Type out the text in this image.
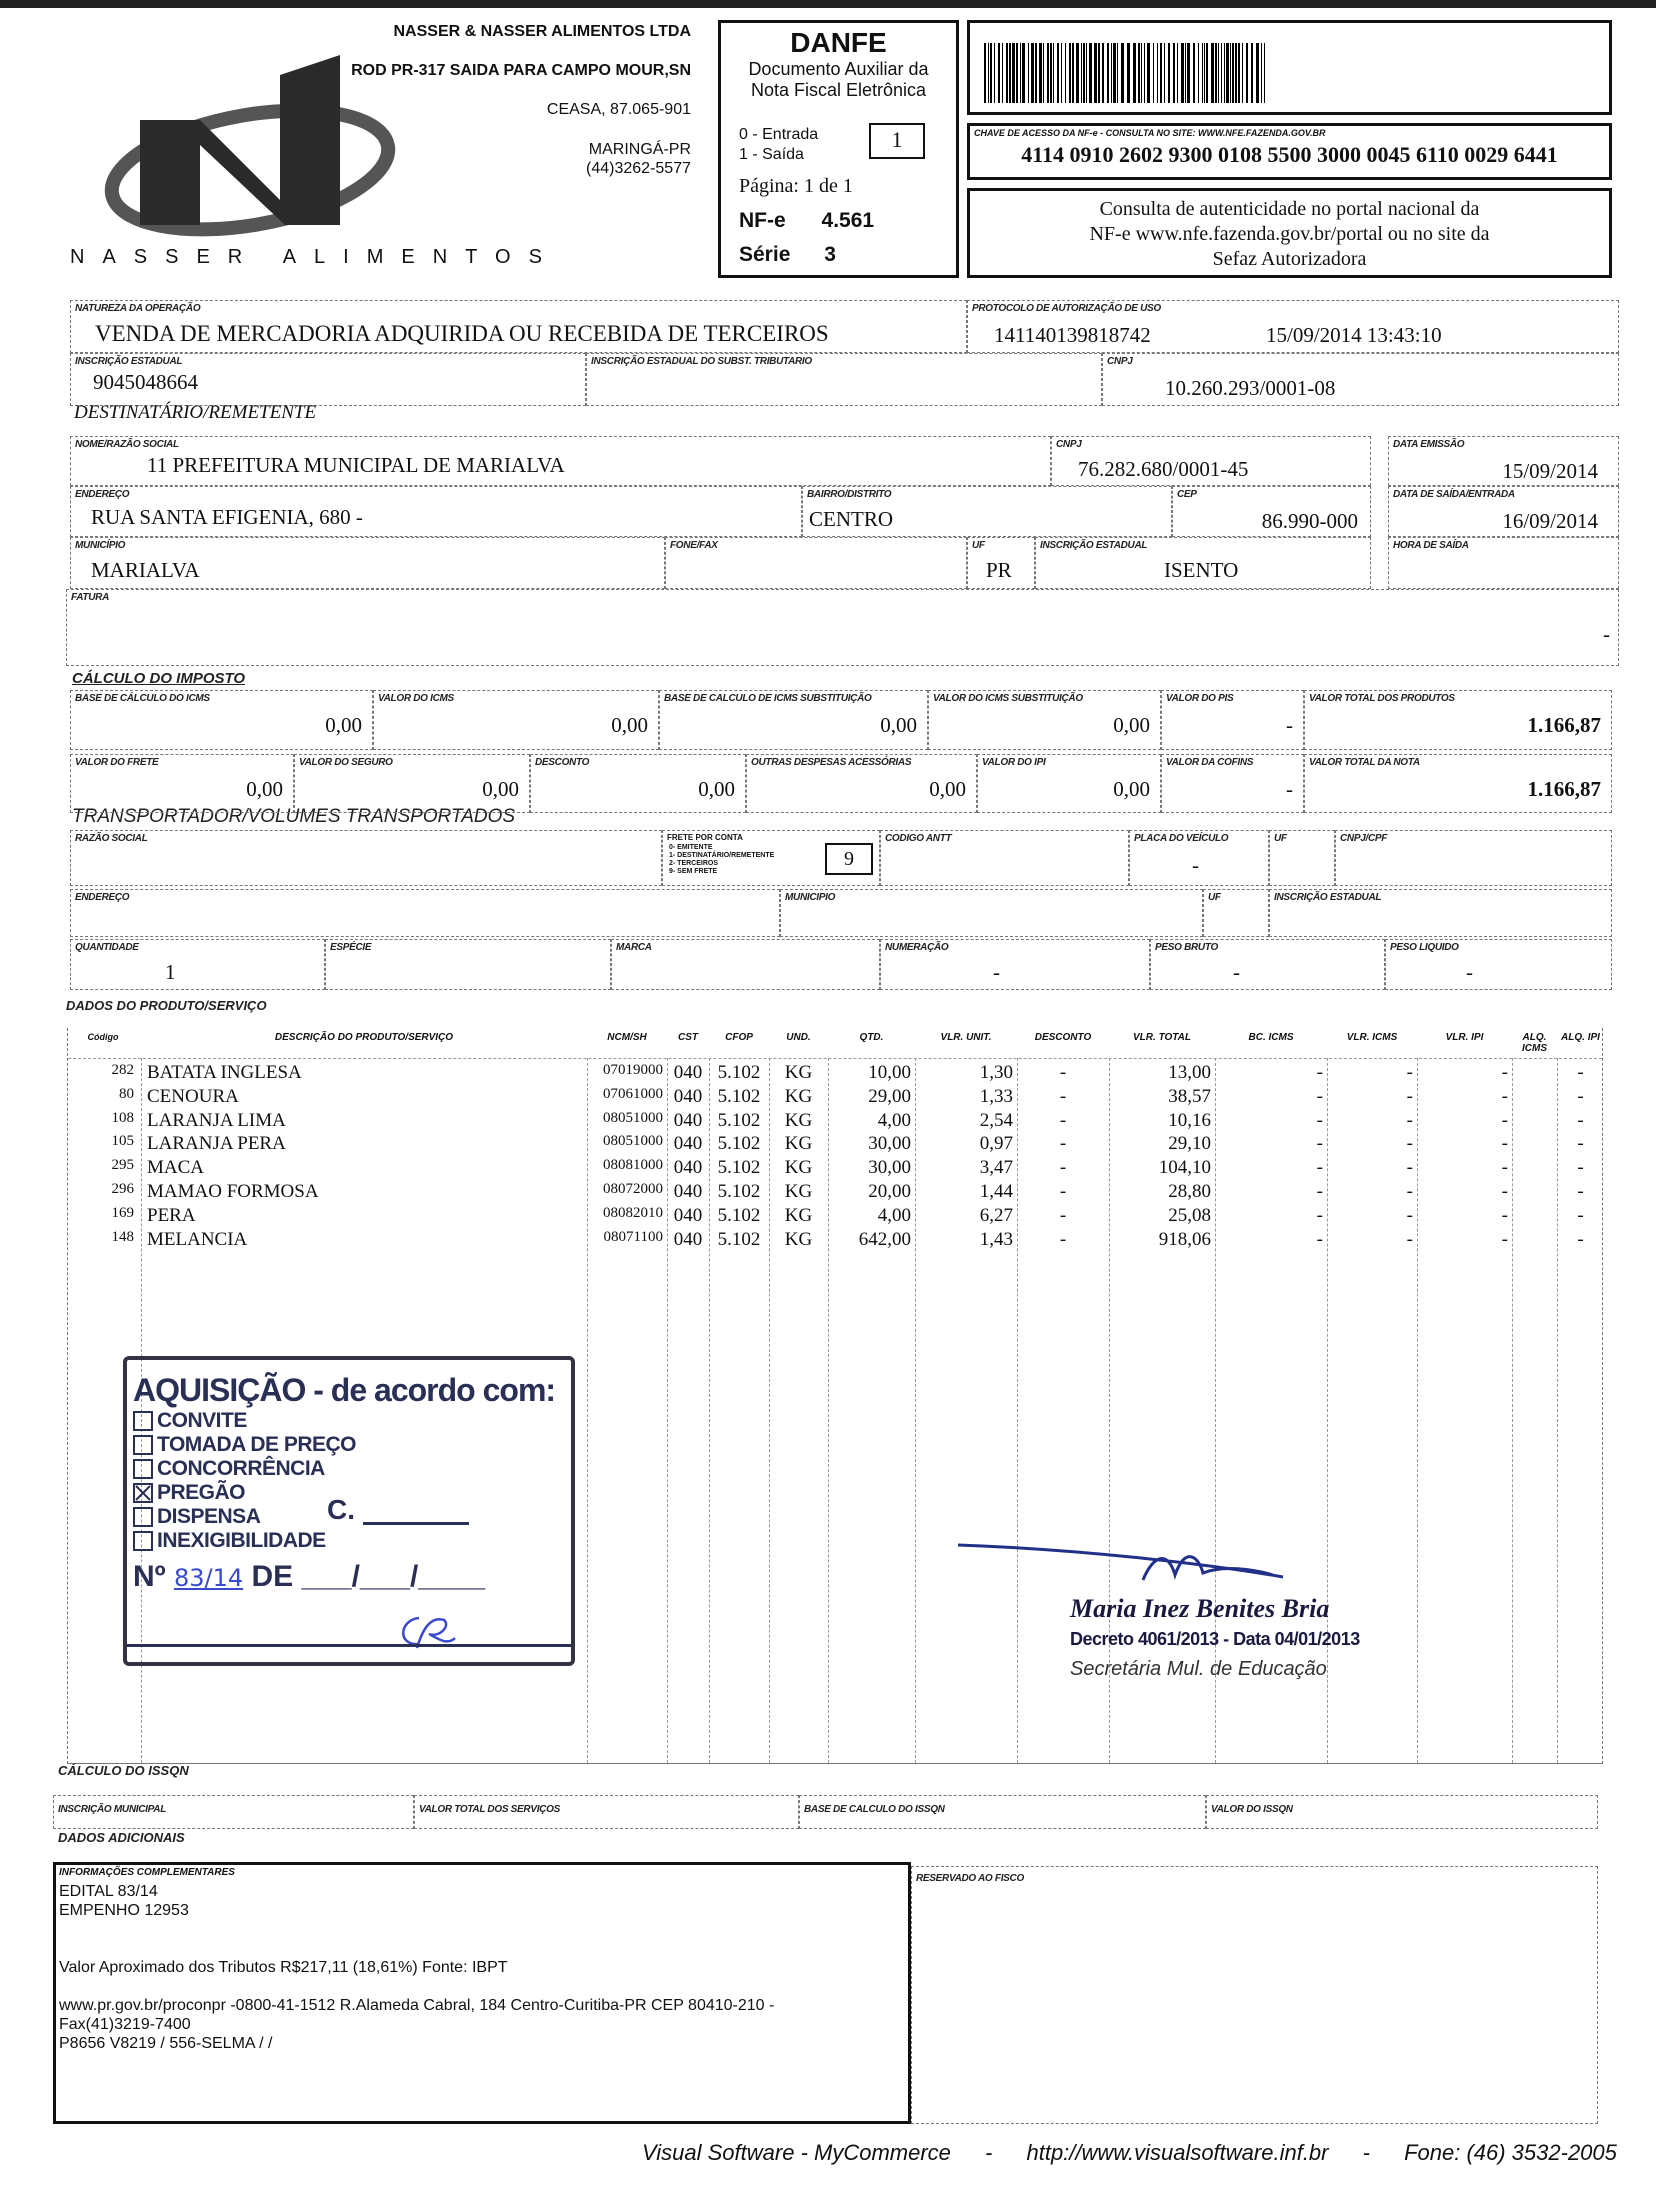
NASSER ALIMENTOS
NASSER & NASSER ALIMENTOS LTDA
ROD PR-317 SAIDA PARA CAMPO MOUR,SN
CEASA, 87.065-901
MARINGÁ-PR
(44)3262-5577
DANFE
Documento Auxiliar da
Nota Fiscal Eletrônica
0 - Entrada
1 - Saída
1
Página: 1 de 1
NF-e 4.561
Série 3
CHAVE DE ACESSO DA NF-e - CONSULTA NO SITE: WWW.NFE.FAZENDA.GOV.BR
4114 0910 2602 9300 0108 5500 3000 0045 6110 0029 6441
Consulta de autenticidade no portal nacional da
NF-e www.nfe.fazenda.gov.br/portal ou no site da
Sefaz Autorizadora
NATUREZA DA OPERAÇÃO
VENDA DE MERCADORIA ADQUIRIDA OU RECEBIDA DE TERCEIROS
PROTOCOLO DE AUTORIZAÇÃO DE USO
141140139818742	15/09/2014 13:43:10
INSCRIÇÃO ESTADUAL
9045048664
INSCRIÇÃO ESTADUAL DO SUBST. TRIBUTARIO	CNPJ
10.260.293/0001-08
DESTINATÁRIO/REMETENTE
NOME/RAZÃO SOCIAL
11 PREFEITURA MUNICIPAL DE MARIALVA
CNPJ
76.282.680/0001-45
DATA EMISSÃO
15/09/2014
ENDEREÇO
RUA SANTA EFIGENIA, 680 -
BAIRRO/DISTRITO
CENTRO
CEP
86.990-000
DATA DE SAÍDA/ENTRADA
16/09/2014
MUNICÍPIO
MARIALVA
FONE/FAX	UF
PR
INSCRIÇÃO ESTADUAL
ISENTO
HORA DE SAÍDA
FATURA
-
CÁLCULO DO IMPOSTO
TRANSPORTADOR/VOLUMES TRANSPORTADOS
RAZÃO SOCIAL	FRETE POR CONTA
0- EMITENTE
1- DESTINATÁRIO/REMETENTE
2- TERCEIROS
9- SEM FRETE
9
CODIGO ANTT	PLACA DO VEÍCULO
-
UF	CNPJ/CPF
ENDEREÇO	MUNICIPIO	UF	INSCRIÇÃO ESTADUAL
QUANTIDADE
1
ESPÉCIE	MARCA	NUMERAÇÃO
-
PESO BRUTO
-
PESO LIQUIDO
-
DADOS DO PRODUTO/SERVIÇO
Código	DESCRIÇÃO DO PRODUTO/SERVIÇO	NCM/SH	CST	CFOP	UND.	QTD.	VLR. UNIT.	DESCONTO	VLR. TOTAL	BC. ICMS	VLR. ICMS	VLR. IPI	ALQ. ICMS
ALQ. IPI
282 BATATA INGLESA	07019000 040 5.102	KG	10,00	1,30	-	13,00	-	-	-	-
80 CENOURA	07061000 040 5.102	KG	29,00	1,33	-	38,57	-	-	-	-
108 LARANJA LIMA	08051000 040 5.102	KG	4,00	2,54	-	10,16	-	-	-	-
105 LARANJA PERA	08051000 040 5.102	KG	30,00	0,97	-	29,10	-	-	-	-
295 MACA	08081000 040 5.102	KG	30,00	3,47	-	104,10	-	-	-	-
296 MAMAO FORMOSA	08072000 040 5.102	KG	20,00	1,44	-	28,80	-	-	-	-
169 PERA	08082010 040 5.102	KG	4,00	6,27	-	25,08	-	-	-	-
148 MELANCIA	08071100 040 5.102	KG	642,00	1,43	-	918,06	-	-	-	-
AQUISIÇÃO - de acordo com:
CONVITE
TOMADA DE PREÇO
CONCORRÊNCIA
PREGÃO
DISPENSA
INEXIGIBILIDADE
C.
Nº 83/14 DE ___/___/____
Maria Inez Benites Bria
Decreto 4061/2013 - Data 04/01/2013
Secretária Mul. de Educação
CÁLCULO DO ISSQN
DADOS ADICIONAIS
INFORMAÇÕES COMPLEMENTARES
EDITAL 83/14
EMPENHO 12953
Valor Aproximado dos Tributos R$217,11 (18,61%) Fonte: IBPT
www.pr.gov.br/proconpr -0800-41-1512 R.Alameda Cabral, 184 Centro-Curitiba-PR CEP 80410-210 -
Fax(41)3219-7400
P8656 V8219 / 556-SELMA / /
RESERVADO AO FISCO
Visual Software - MyCommerce - http://www.visualsoftware.inf.br - Fone: (46) 3532-2005
BASE DE CÁLCULO DO ICMS
0,00
VALOR DO ICMS
0,00
BASE DE CALCULO DE ICMS SUBSTITUIÇÃO
0,00
VALOR DO ICMS SUBSTITUIÇÃO
0,00
VALOR DO PIS
-
VALOR TOTAL DOS PRODUTOS
1.166,87
VALOR DO FRETE
0,00
VALOR DO SEGURO
0,00
DESCONTO
0,00
OUTRAS DESPESAS ACESSÓRIAS
0,00
VALOR DO IPI
0,00
VALOR DA COFINS
-
VALOR TOTAL DA NOTA
1.166,87
INSCRIÇÃO MUNICIPAL	VALOR TOTAL DOS SERVIÇOS	BASE DE CALCULO DO ISSQN	VALOR DO ISSQN
